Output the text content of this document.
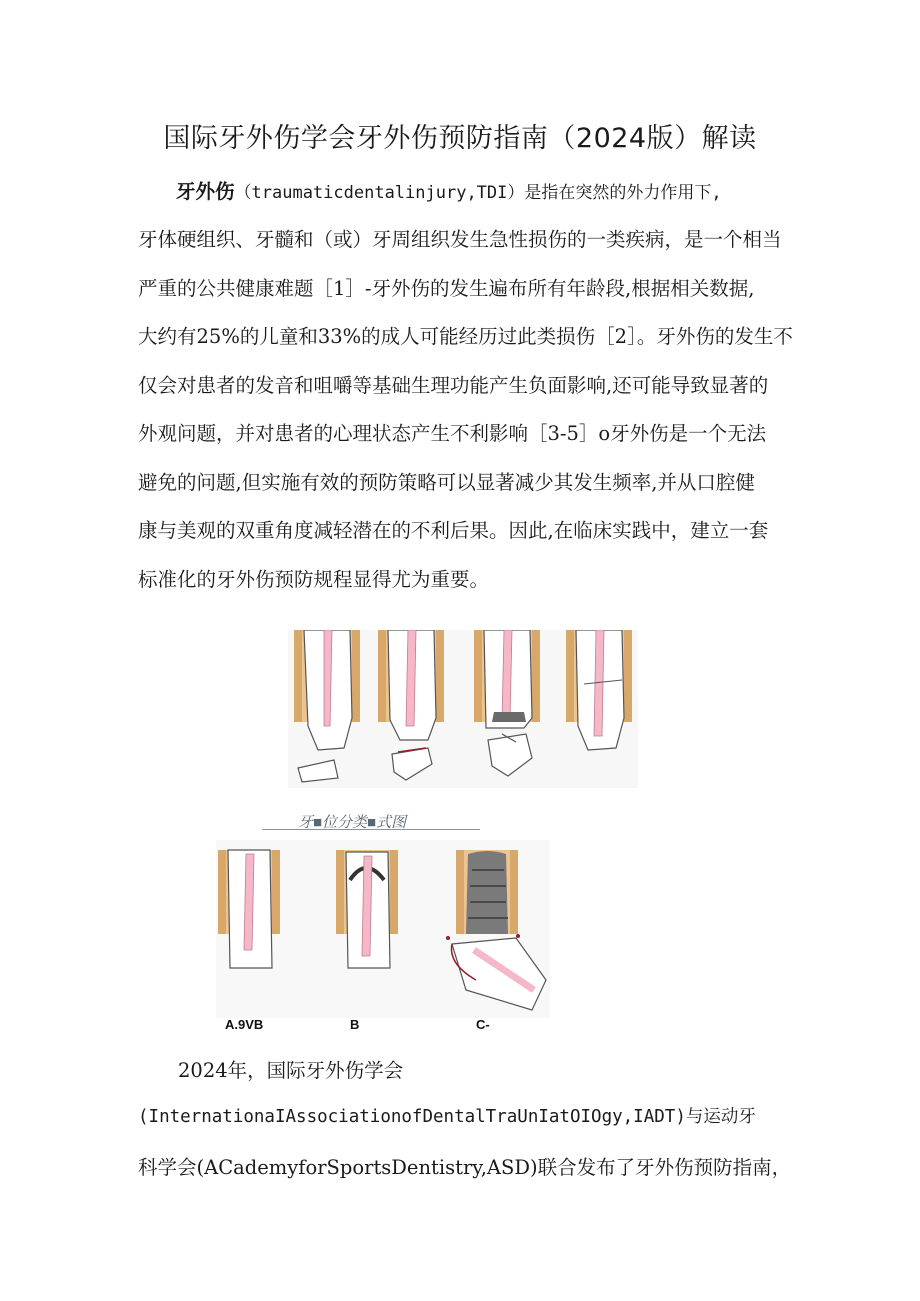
国际牙外伤学会牙外伤预防指南（2024版）解读
牙外伤（traumaticdentalinjury,TDI）是指在突然的外力作用下,
牙体硬组织、牙髓和（或）牙周组织发生急性损伤的一类疾病，是一个相当
严重的公共健康难题［1］-牙外伤的发生遍布所有年龄段,根据相关数据,
大约有25%的儿童和33%的成人可能经历过此类损伤［2］。牙外伤的发生不
仅会对患者的发音和咀嚼等基础生理功能产生负面影响,还可能导致显著的
外观问题，并对患者的心理状态产生不利影响［3-5］o牙外伤是一个无法
避免的问题,但实施有效的预防策略可以显著减少其发生频率,并从口腔健
康与美观的双重角度减轻潜在的不利后果。因此,在临床实践中，建立一套
标准化的牙外伤预防规程显得尤为重要。
牙■位分类■式图
A.9VB	B	C-
2024年，国际牙外伤学会
(InternationaIAssociationofDentalTraUnIatOIOgy,IADT)与运动牙
科学会(ACademyforSportsDentistry,ASD)联合发布了牙外伤预防指南，
